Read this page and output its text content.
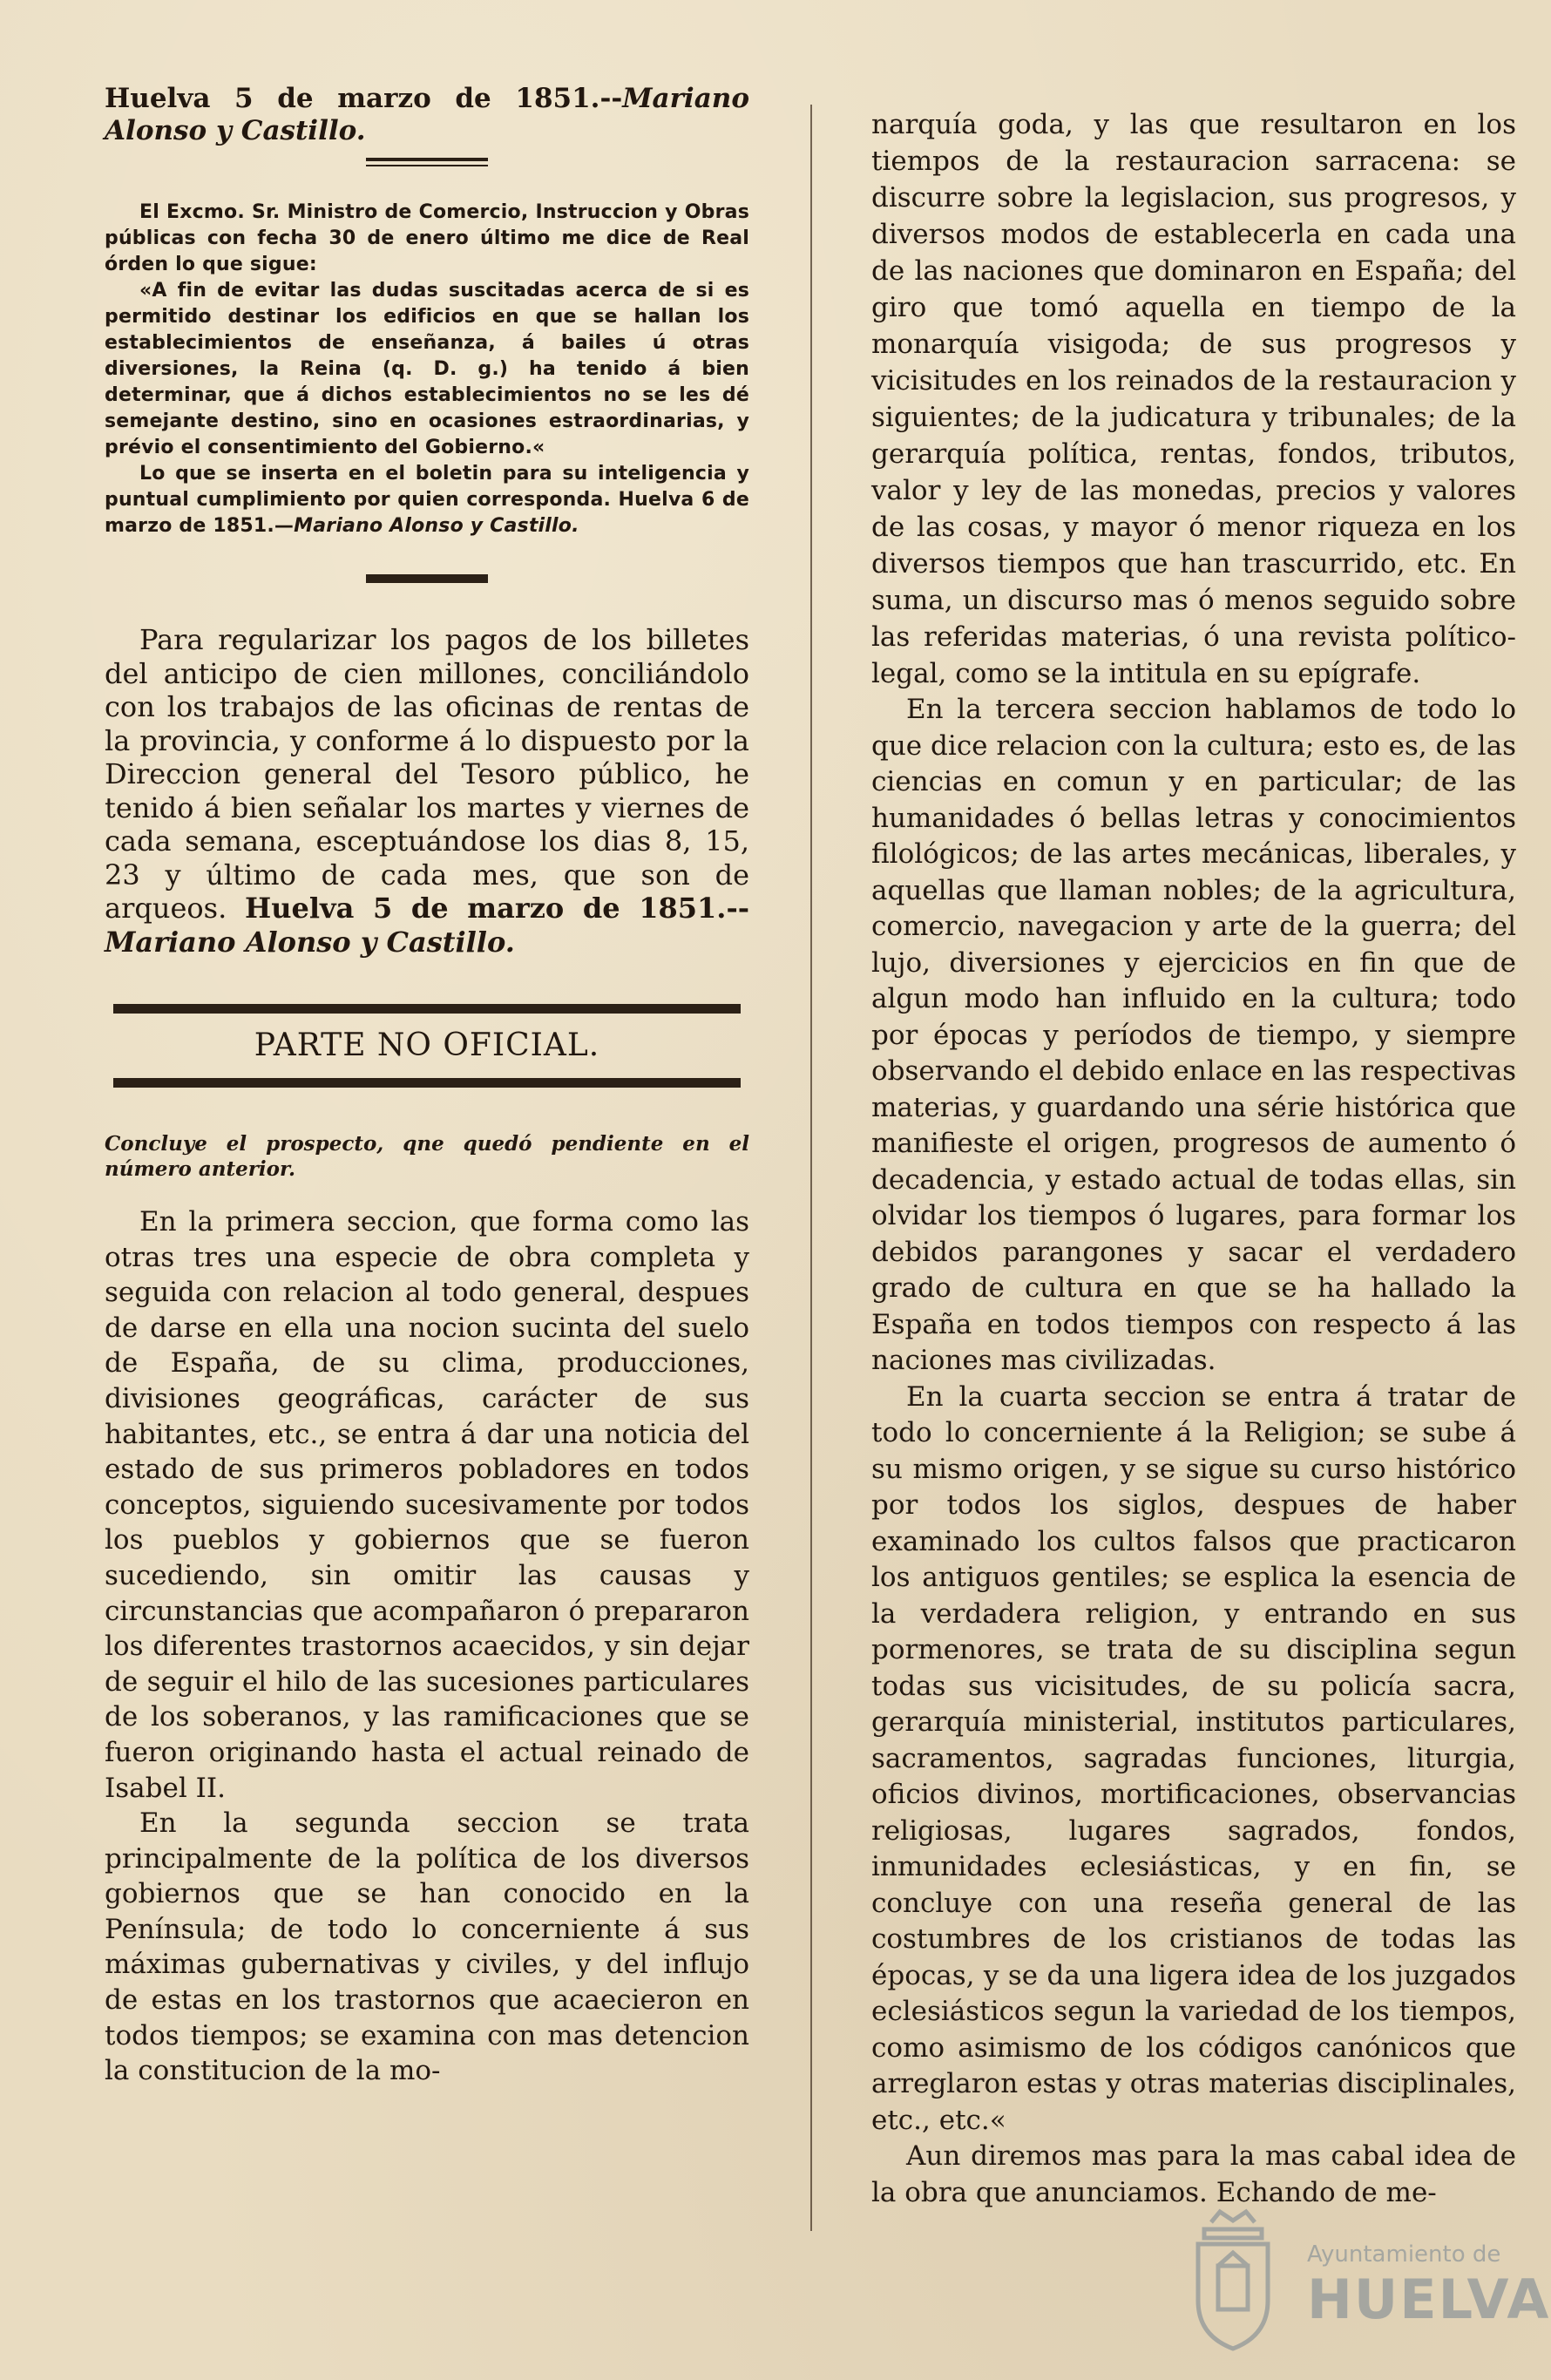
Huelva 5 de marzo de 1851.--Mariano Alonso y Castillo.

El Excmo. Sr. Ministro de Comercio, Instruccion y Obras públicas con fecha 30 de enero último me dice de Real órden lo que sigue:

«A fin de evitar las dudas suscitadas acerca de si es permitido destinar los edificios en que se hallan los establecimientos de enseñanza, á bailes ú otras diversiones, la Reina (q. D. g.) ha tenido á bien determinar, que á dichos establecimientos no se les dé semejante destino, sino en ocasiones estraordinarias, y prévio el consentimiento del Gobierno.«

Lo que se inserta en el boletin para su inteligencia y puntual cumplimiento por quien corresponda. Huelva 6 de marzo de 1851.—Mariano Alonso y Castillo.

Para regularizar los pagos de los billetes del anticipo de cien millones, conciliándolo con los trabajos de las oficinas de rentas de la provincia, y conforme á lo dispuesto por la Direccion general del Tesoro público, he tenido á bien señalar los martes y viernes de cada semana, esceptuándose los dias 8, 15, 23 y último de cada mes, que son de arqueos. Huelva 5 de marzo de 1851.--Mariano Alonso y Castillo.

PARTE NO OFICIAL.

Concluye el prospecto, qne quedó pendiente en el número anterior.

En la primera seccion, que forma como las otras tres una especie de obra completa y seguida con relacion al todo general, despues de darse en ella una nocion sucinta del suelo de España, de su clima, producciones, divisiones geográficas, carácter de sus habitantes, etc., se entra á dar una noticia del estado de sus primeros pobladores en todos conceptos, siguiendo sucesivamente por todos los pueblos y gobiernos que se fueron sucediendo, sin omitir las causas y circunstancias que acompañaron ó prepararon los diferentes trastornos acaecidos, y sin dejar de seguir el hilo de las sucesiones particulares de los soberanos, y las ramificaciones que se fueron originando hasta el actual reinado de Isabel II.

En la segunda seccion se trata principalmente de la política de los diversos gobiernos que se han conocido en la Península; de todo lo concerniente á sus máximas gubernativas y civiles, y del influjo de estas en los trastornos que acaecieron en todos tiempos; se examina con mas detencion la constitucion de la mo-

narquía goda, y las que resultaron en los tiempos de la restauracion sarracena: se discurre sobre la legislacion, sus progresos, y diversos modos de establecerla en cada una de las naciones que dominaron en España; del giro que tomó aquella en tiempo de la monarquía visigoda; de sus progresos y vicisitudes en los reinados de la restauracion y siguientes; de la judicatura y tribunales; de la gerarquía política, rentas, fondos, tributos, valor y ley de las monedas, precios y valores de las cosas, y mayor ó menor riqueza en los diversos tiempos que han trascurrido, etc. En suma, un discurso mas ó menos seguido sobre las referidas materias, ó una revista político-legal, como se la intitula en su epígrafe.

En la tercera seccion hablamos de todo lo que dice relacion con la cultura; esto es, de las ciencias en comun y en particular; de las humanidades ó bellas letras y conocimientos filológicos; de las artes mecánicas, liberales, y aquellas que llaman nobles; de la agricultura, comercio, navegacion y arte de la guerra; del lujo, diversiones y ejercicios en fin que de algun modo han influido en la cultura; todo por épocas y períodos de tiempo, y siempre observando el debido enlace en las respectivas materias, y guardando una série histórica que manifieste el origen, progresos de aumento ó decadencia, y estado actual de todas ellas, sin olvidar los tiempos ó lugares, para formar los debidos parangones y sacar el verdadero grado de cultura en que se ha hallado la España en todos tiempos con respecto á las naciones mas civilizadas.

En la cuarta seccion se entra á tratar de todo lo concerniente á la Religion; se sube á su mismo origen, y se sigue su curso histórico por todos los siglos, despues de haber examinado los cultos falsos que practicaron los antiguos gentiles; se esplica la esencia de la verdadera religion, y entrando en sus pormenores, se trata de su disciplina segun todas sus vicisitudes, de su policía sacra, gerarquía ministerial, institutos particulares, sacramentos, sagradas funciones, liturgia, oficios divinos, mortificaciones, observancias religiosas, lugares sagrados, fondos, inmunidades eclesiásticas, y en fin, se concluye con una reseña general de las costumbres de los cristianos de todas las épocas, y se da una ligera idea de los juzgados eclesiásticos segun la variedad de los tiempos, como asimismo de los códigos canónicos que arreglaron estas y otras materias disciplinales, etc., etc.«

Aun diremos mas para la mas cabal idea de la obra que anunciamos. Echando de me-

Ayuntamiento de
HUELVA
